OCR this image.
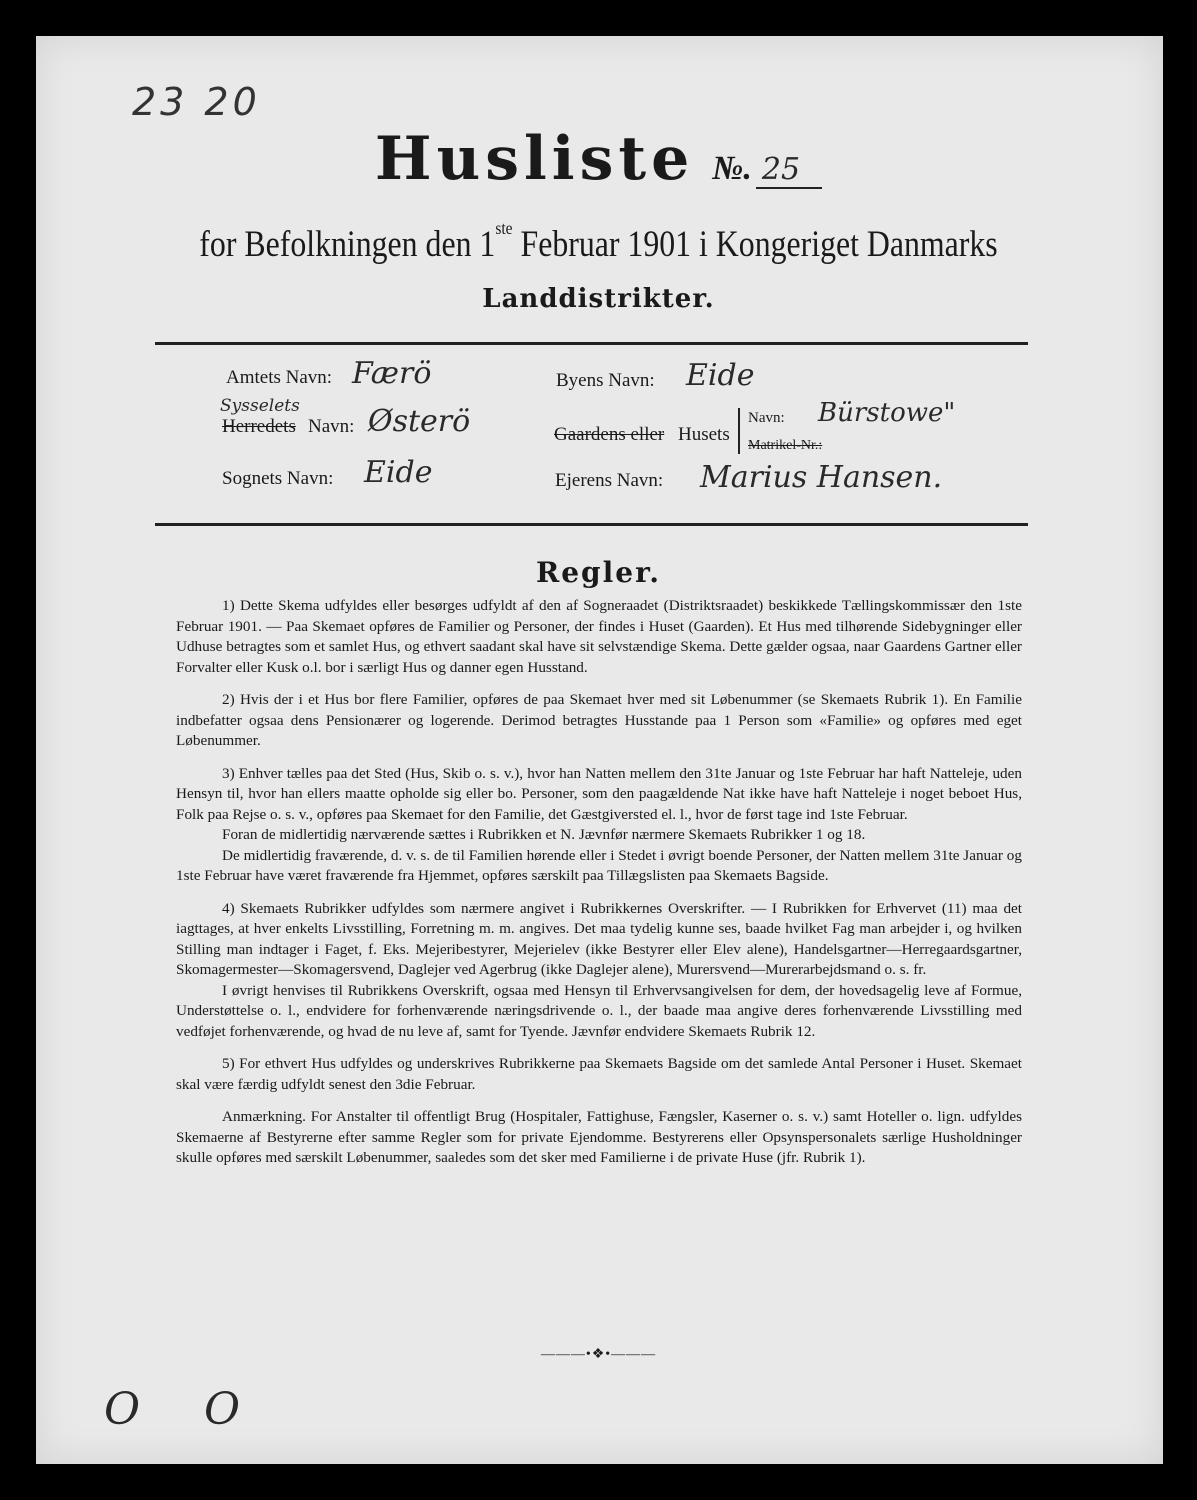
23 20
Husliste №. 25
for Befolkningen den 1ste Februar 1901 i Kongeriget Danmarks
Landdistrikter.
Amtets Navn: Færö
Sysselets
Herredets Navn: Østerö
Sognets Navn: Eide
Byens Navn: Eide
Gaardens eller Husets
Navn: Bürstowe"
Matrikel-Nr.:
Ejerens Navn: Marius Hansen.
Regler.

1) Dette Skema udfyldes eller besørges udfyldt af den af Sogneraadet (Distriktsraadet) beskikkede Tællingskommissær den 1ste Februar 1901. — Paa Skemaet opføres de Familier og Personer, der findes i Huset (Gaarden). Et Hus med tilhørende Sidebygninger eller Udhuse betragtes som et samlet Hus, og ethvert saadant skal have sit selvstændige Skema. Dette gælder ogsaa, naar Gaardens Gartner eller Forvalter eller Kusk o.l. bor i særligt Hus og danner egen Husstand.

2) Hvis der i et Hus bor flere Familier, opføres de paa Skemaet hver med sit Løbenummer (se Skemaets Rubrik 1). En Familie indbefatter ogsaa dens Pensionærer og logerende. Derimod betragtes Husstande paa 1 Person som «Familie» og opføres med eget Løbenummer.

3) Enhver tælles paa det Sted (Hus, Skib o. s. v.), hvor han Natten mellem den 31te Januar og 1ste Februar har haft Natteleje, uden Hensyn til, hvor han ellers maatte opholde sig eller bo. Personer, som den paagældende Nat ikke have haft Natteleje i noget beboet Hus, Folk paa Rejse o. s. v., opføres paa Skemaet for den Familie, det Gæstgiversted el. l., hvor de først tage ind 1ste Februar.

Foran de midlertidig nærværende sættes i Rubrikken et N. Jævnfør nærmere Skemaets Rubrikker 1 og 18.

De midlertidig fraværende, d. v. s. de til Familien hørende eller i Stedet i øvrigt boende Personer, der Natten mellem 31te Januar og 1ste Februar have været fraværende fra Hjemmet, opføres særskilt paa Tillægslisten paa Skemaets Bagside.

4) Skemaets Rubrikker udfyldes som nærmere angivet i Rubrikkernes Overskrifter. — I Rubrikken for Erhvervet (11) maa det iagttages, at hver enkelts Livsstilling, Forretning m. m. angives. Det maa tydelig kunne ses, baade hvilket Fag man arbejder i, og hvilken Stilling man indtager i Faget, f. Eks. Mejeribestyrer, Mejerielev (ikke Bestyrer eller Elev alene), Handelsgartner—Herregaardsgartner, Skomagermester—Skomagersvend, Daglejer ved Agerbrug (ikke Daglejer alene), Murersvend—Murerarbejdsmand o. s. fr.

I øvrigt henvises til Rubrikkens Overskrift, ogsaa med Hensyn til Erhvervsangivelsen for dem, der hovedsagelig leve af Formue, Understøttelse o. l., endvidere for forhenværende næringsdrivende o. l., der baade maa angive deres forhenværende Livsstilling med vedføjet forhenværende, og hvad de nu leve af, samt for Tyende. Jævnfør endvidere Skemaets Rubrik 12.

5) For ethvert Hus udfyldes og underskrives Rubrikkerne paa Skemaets Bagside om det samlede Antal Personer i Huset. Skemaet skal være færdig udfyldt senest den 3die Februar.

Anmærkning. For Anstalter til offentligt Brug (Hospitaler, Fattighuse, Fængsler, Kaserner o. s. v.) samt Hoteller o. lign. udfyldes Skemaerne af Bestyrerne efter samme Regler som for private Ejendomme. Bestyrerens eller Opsynspersonalets særlige Husholdninger skulle opføres med særskilt Løbenummer, saaledes som det sker med Familierne i de private Huse (jfr. Rubrik 1).

———•❖•———
O O
